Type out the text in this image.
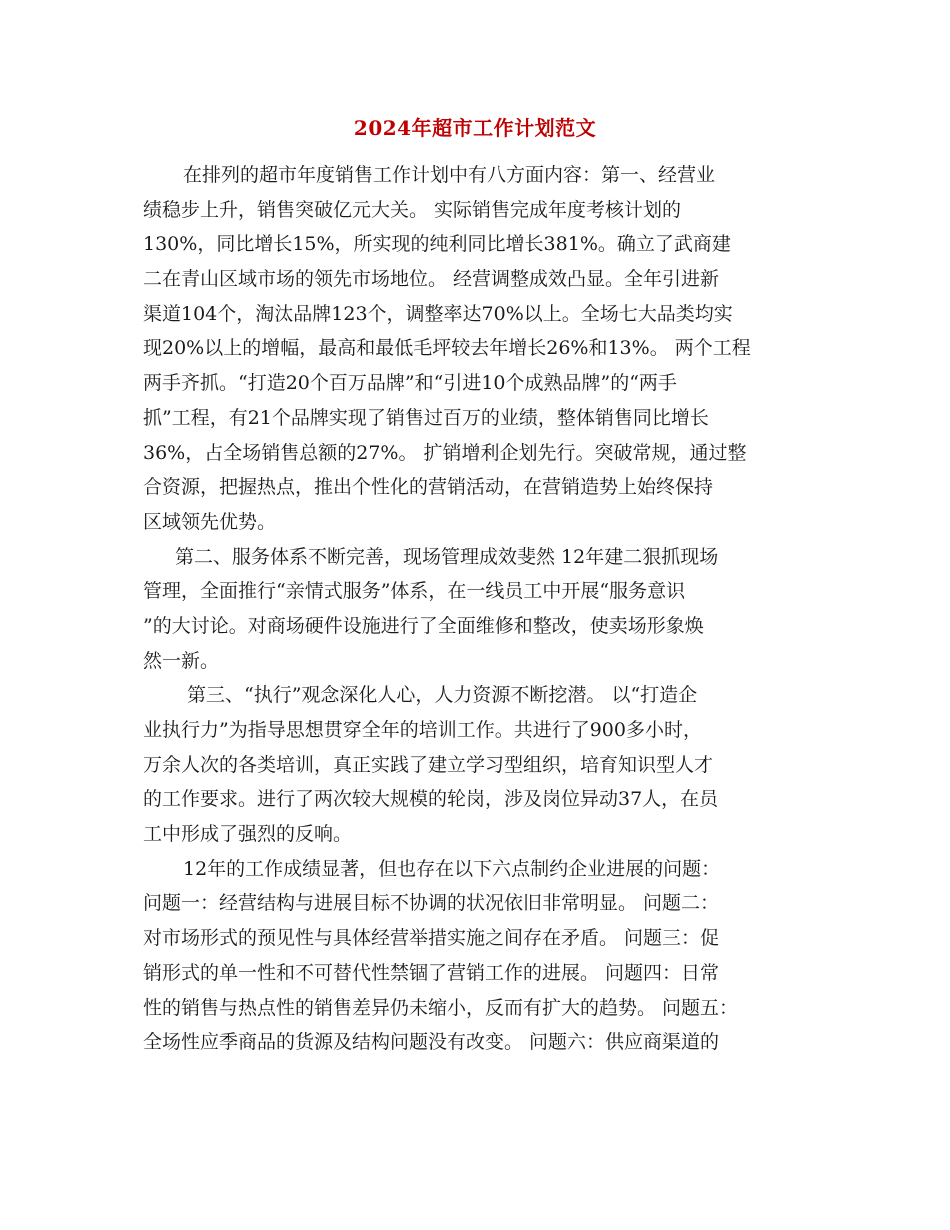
2024年超市工作计划范文
在排列的超市年度销售工作计划中有八方面内容：第一、经营业
绩稳步上升，销售突破亿元大关。 实际销售完成年度考核计划的
130%，同比增长15%，所实现的纯利同比增长381%。确立了武商建
二在青山区域市场的领先市场地位。 经营调整成效凸显。全年引进新
渠道104个，淘汰品牌123个，调整率达70%以上。全场七大品类均实
现20%以上的增幅，最高和最低毛坪较去年增长26%和13%。 两个工程
两手齐抓。“打造20个百万品牌”和“引进10个成熟品牌”的“两手
抓”工程，有21个品牌实现了销售过百万的业绩，整体销售同比增长
36%，占全场销售总额的27%。 扩销增利企划先行。突破常规，通过整
合资源，把握热点，推出个性化的营销活动，在营销造势上始终保持
区域领先优势。
第二、服务体系不断完善，现场管理成效斐然 12年建二狠抓现场
管理，全面推行“亲情式服务”体系，在一线员工中开展“服务意识
”的大讨论。对商场硬件设施进行了全面维修和整改，使卖场形象焕
然一新。
第三、“执行”观念深化人心，人力资源不断挖潜。 以“打造企
业执行力”为指导思想贯穿全年的培训工作。共进行了900多小时，
万余人次的各类培训，真正实践了建立学习型组织，培育知识型人才
的工作要求。进行了两次较大规模的轮岗，涉及岗位异动37人，在员
工中形成了强烈的反响。
12年的工作成绩显著，但也存在以下六点制约企业进展的问题：
问题一：经营结构与进展目标不协调的状况依旧非常明显。 问题二：
对市场形式的预见性与具体经营举措实施之间存在矛盾。 问题三：促
销形式的单一性和不可替代性禁锢了营销工作的进展。 问题四：日常
性的销售与热点性的销售差异仍未缩小，反而有扩大的趋势。 问题五：
全场性应季商品的货源及结构问题没有改变。 问题六：供应商渠道的
